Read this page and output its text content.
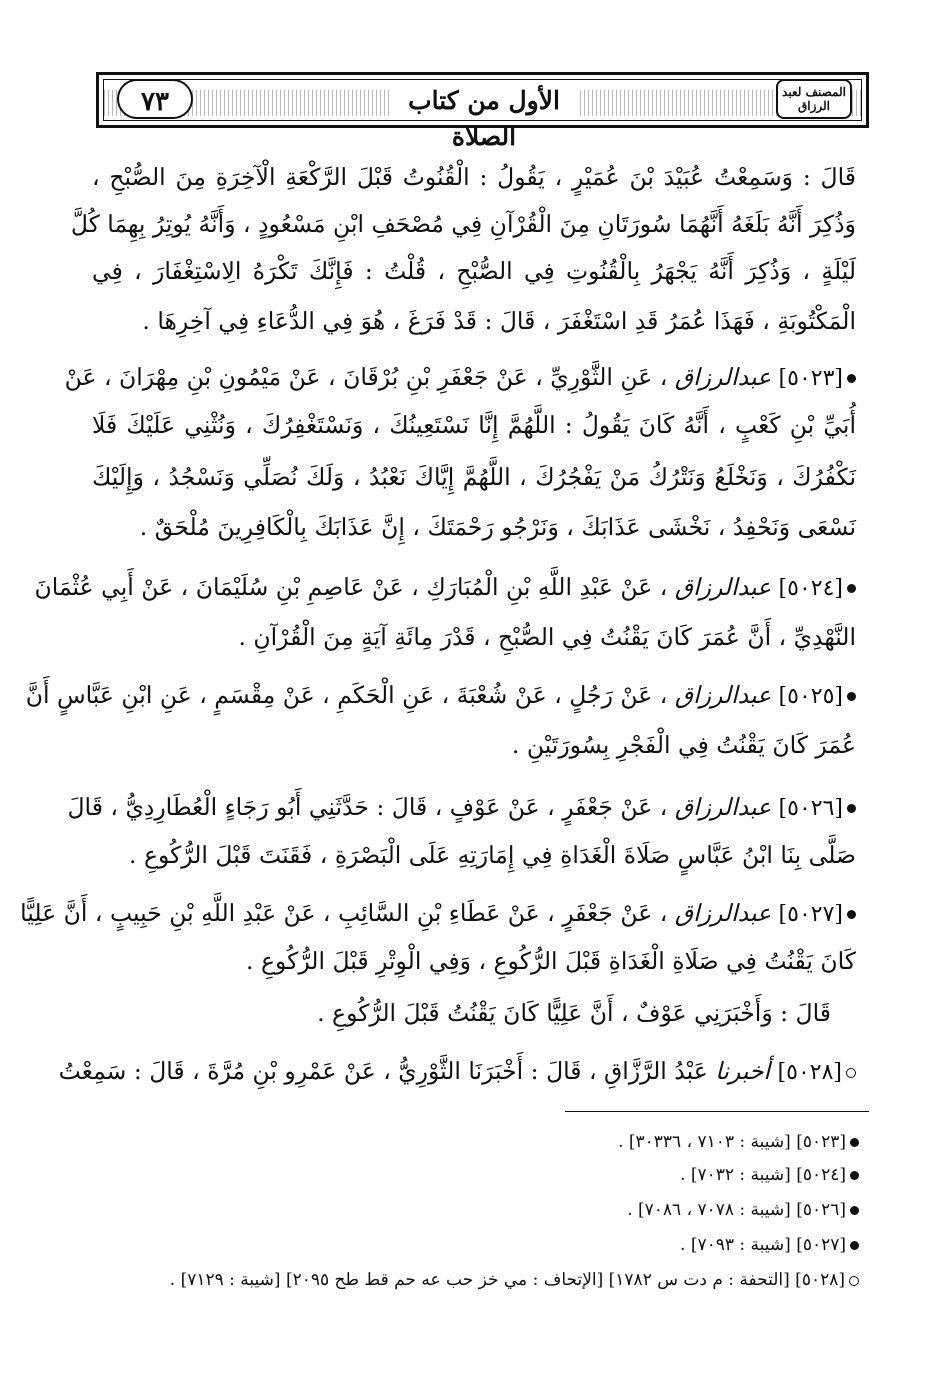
٧٣	الأول من كتاب الصلاة
المصنف لعبد الرزاق
قَالَ : وَسَمِعْتُ عُبَيْدَ بْنَ عُمَيْرٍ ، يَقُولُ : الْقُنُوتُ قَبْلَ الرَّكْعَةِ الْآخِرَةِ مِنَ الصُّبْحِ ،
وَذُكِرَ أَنَّهُ بَلَغَهُ أَنَّهُمَا سُورَتَانِ مِنَ الْقُرْآنِ فِي مُصْحَفِ ابْنِ مَسْعُودٍ ، وَأَنَّهُ يُوتِرُ بِهِمَا كُلَّ
لَيْلَةٍ ، وَذُكِرَ أَنَّهُ يَجْهَرُ بِالْقُنُوتِ فِي الصُّبْحِ ، قُلْتُ : فَإِنَّكَ تَكْرَهُ الِاسْتِغْفَارَ ، فِي
الْمَكْتُوبَةِ ، فَهَذَا عُمَرُ قَدِ اسْتَغْفَرَ ، قَالَ : قَدْ فَرَغَ ، هُوَ فِي الدُّعَاءِ فِي آخِرِهَا .
[٥٠٢٣] عبدالرزاق ، عَنِ الثَّوْرِيِّ ، عَنْ جَعْفَرِ بْنِ بُرْقَانَ ، عَنْ مَيْمُونِ بْنِ مِهْرَانَ ، عَنْ
أُبَيِّ بْنِ كَعْبٍ ، أَنَّهُ كَانَ يَقُولُ : اللَّهُمَّ إِنَّا نَسْتَعِينُكَ ، وَنَسْتَغْفِرُكَ ، وَنُثْنِي عَلَيْكَ فَلَا
نَكْفُرُكَ ، وَنَخْلَعُ وَنَتْرُكُ مَنْ يَفْجُرُكَ ، اللَّهُمَّ إِيَّاكَ نَعْبُدُ ، وَلَكَ نُصَلِّي وَنَسْجُدُ ، وَإِلَيْكَ
نَسْعَى وَنَحْفِدُ ، نَخْشَى عَذَابَكَ ، وَنَرْجُو رَحْمَتَكَ ، إِنَّ عَذَابَكَ بِالْكَافِرِينَ مُلْحَقٌ .
[٥٠٢٤] عبدالرزاق ، عَنْ عَبْدِ اللَّهِ بْنِ الْمُبَارَكِ ، عَنْ عَاصِمِ بْنِ سُلَيْمَانَ ، عَنْ أَبِي عُثْمَانَ
النَّهْدِيِّ ، أَنَّ عُمَرَ كَانَ يَقْنُتُ فِي الصُّبْحِ ، قَدْرَ مِائَةِ آيَةٍ مِنَ الْقُرْآنِ .
[٥٠٢٥] عبدالرزاق ، عَنْ رَجُلٍ ، عَنْ شُعْبَةَ ، عَنِ الْحَكَمِ ، عَنْ مِقْسَمٍ ، عَنِ ابْنِ عَبَّاسٍ أَنَّ
عُمَرَ كَانَ يَقْنُتُ فِي الْفَجْرِ بِسُورَتَيْنِ .
[٥٠٢٦] عبدالرزاق ، عَنْ جَعْفَرٍ ، عَنْ عَوْفٍ ، قَالَ : حَدَّثَنِي أَبُو رَجَاءٍ الْعُطَارِدِيُّ ، قَالَ
صَلَّى بِنَا ابْنُ عَبَّاسٍ صَلَاةَ الْغَدَاةِ فِي إِمَارَتِهِ عَلَى الْبَصْرَةِ ، فَقَنَتَ قَبْلَ الرُّكُوعِ .
[٥٠٢٧] عبدالرزاق ، عَنْ جَعْفَرٍ ، عَنْ عَطَاءِ بْنِ السَّائِبِ ، عَنْ عَبْدِ اللَّهِ بْنِ حَبِيبٍ ، أَنَّ عَلِيًّا
كَانَ يَقْنُتُ فِي صَلَاةِ الْغَدَاةِ قَبْلَ الرُّكُوعِ ، وَفِي الْوِتْرِ قَبْلَ الرُّكُوعِ .
قَالَ : وَأَخْبَرَنِي عَوْفٌ ، أَنَّ عَلِيًّا كَانَ يَقْنُتُ قَبْلَ الرُّكُوعِ .
[٥٠٢٨] أخبرنا عَبْدُ الرَّزَّاقِ ، قَالَ : أَخْبَرَنَا الثَّوْرِيُّ ، عَنْ عَمْرِو بْنِ مُرَّةَ ، قَالَ : سَمِعْتُ
[٥٠٢٣] [شيبة : ٧١٠٣ ، ٣٠٣٣٦] .
[٥٠٢٤] [شيبة : ٧٠٣٢] .
[٥٠٢٦] [شيبة : ٧٠٧٨ ، ٧٠٨٦] .
[٥٠٢٧] [شيبة : ٧٠٩٣] .
[٥٠٢٨] [التحفة : م دت س ١٧٨٢] [الإتحاف : مي خز حب عه حم قط طح ٢٠٩٥] [شيبة : ٧١٢٩] .
